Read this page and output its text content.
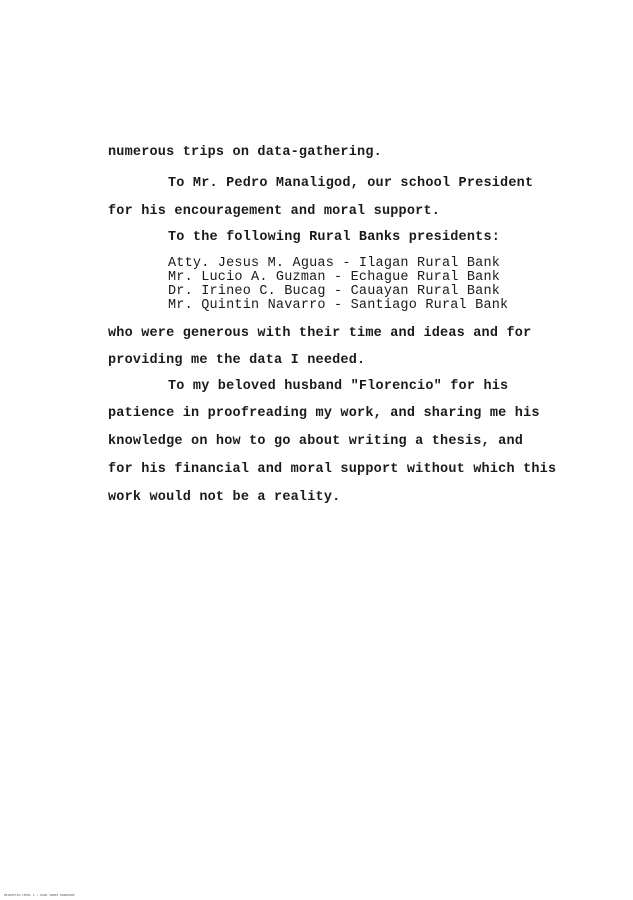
numerous trips on data-gathering.
To Mr. Pedro Manaligod, our school President
for his encouragement and moral support.
To the following Rural Banks presidents:
Atty. Jesus M. Aguas - Ilagan Rural Bank
Mr. Lucio A. Guzman - Echague Rural Bank
Dr. Irineo C. Bucag - Cauayan Rural Bank
Mr. Quintin Navarro - Santiago Rural Bank
who were generous with their time and ideas and for
providing me the data I needed.
To my beloved husband "Florencio" for his
patience in proofreading my work, and sharing me his
knowledge on how to go about writing a thesis, and
for his financial and moral support without which this
work would not be a reality.
MICROFILM LEVEL 1 • PAGE INDEX 00000000
